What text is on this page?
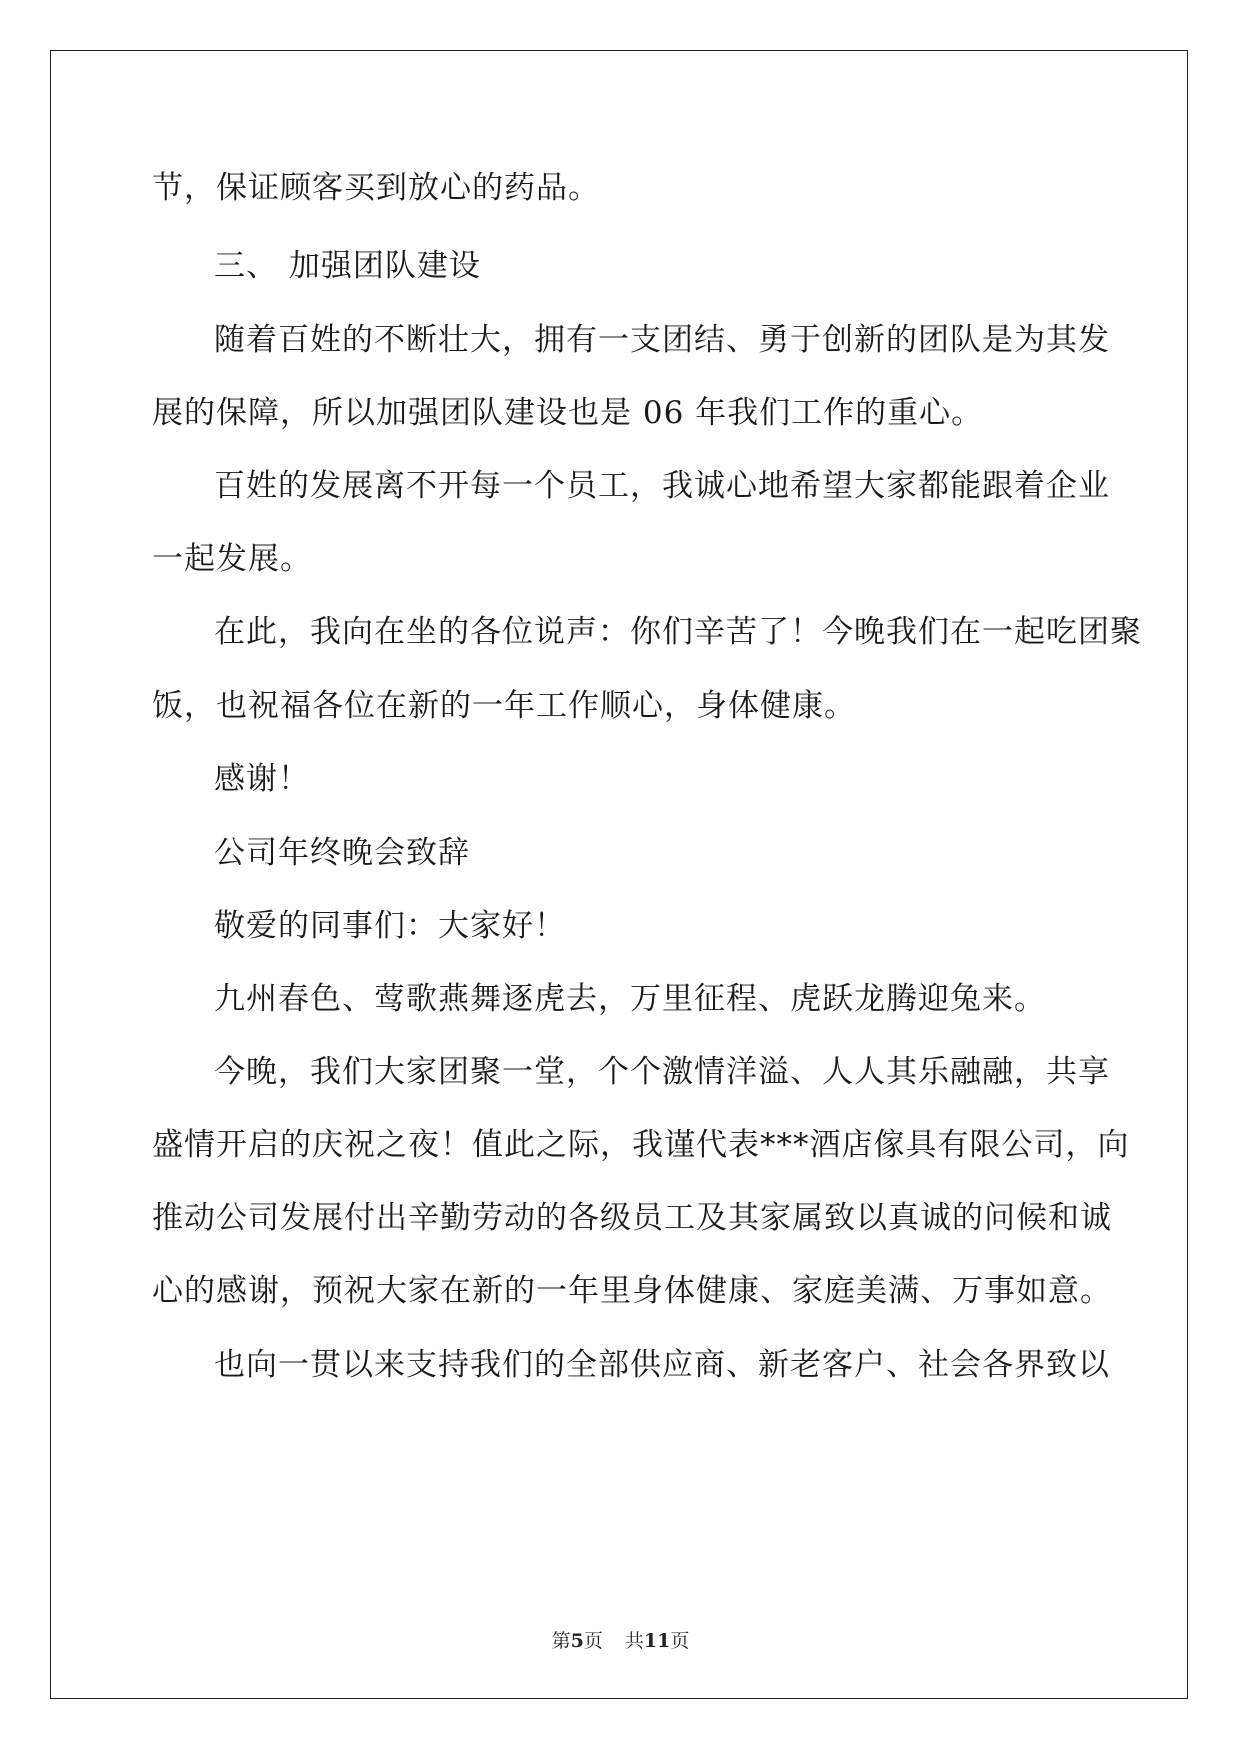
节，保证顾客买到放心的药品。
三、 加强团队建设
随着百姓的不断壮大，拥有一支团结、勇于创新的团队是为其发
展的保障，所以加强团队建设也是 06 年我们工作的重心。
百姓的发展离不开每一个员工，我诚心地希望大家都能跟着企业
一起发展。
在此，我向在坐的各位说声：你们辛苦了！今晚我们在一起吃团聚
饭，也祝福各位在新的一年工作顺心，身体健康。
感谢！
公司年终晚会致辞
敬爱的同事们：大家好！
九州春色、莺歌燕舞逐虎去，万里征程、虎跃龙腾迎兔来。
今晚，我们大家团聚一堂，个个激情洋溢、人人其乐融融，共享
盛情开启的庆祝之夜！值此之际，我谨代表***酒店傢具有限公司，向
推动公司发展付出辛勤劳动的各级员工及其家属致以真诚的问候和诚
心的感谢，预祝大家在新的一年里身体健康、家庭美满、万事如意。
也向一贯以来支持我们的全部供应商、新老客户、社会各界致以
第5页 共11页
